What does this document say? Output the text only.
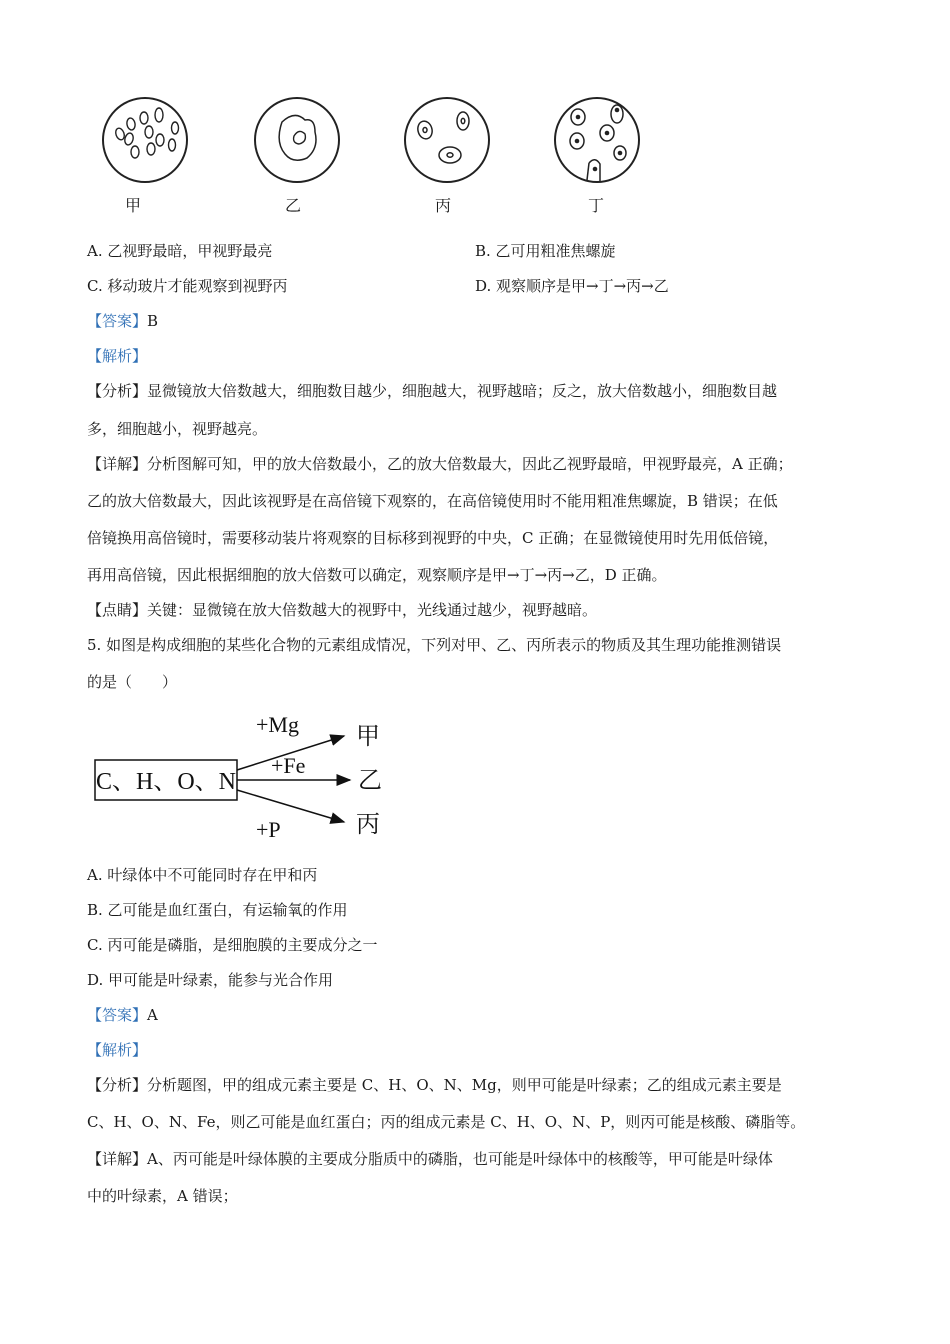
甲	乙	丙	丁
A. 乙视野最暗，甲视野最亮	B. 乙可用粗准焦螺旋
C. 移动玻片才能观察到视野丙	D. 观察顺序是甲→丁→丙→乙
【答案】B
【解析】
【分析】显微镜放大倍数越大，细胞数目越少，细胞越大，视野越暗；反之，放大倍数越小，细胞数目越
多，细胞越小，视野越亮。
【详解】分析图解可知，甲的放大倍数最小，乙的放大倍数最大，因此乙视野最暗，甲视野最亮，A 正确；
乙的放大倍数最大，因此该视野是在高倍镜下观察的，在高倍镜使用时不能用粗准焦螺旋，B 错误；在低
倍镜换用高倍镜时，需要移动装片将观察的目标移到视野的中央，C 正确；在显微镜使用时先用低倍镜，
再用高倍镜，因此根据细胞的放大倍数可以确定，观察顺序是甲→丁→丙→乙，D 正确。
【点睛】关键：显微镜在放大倍数越大的视野中，光线通过越少，视野越暗。
5. 如图是构成细胞的某些化合物的元素组成情况，下列对甲、乙、丙所表示的物质及其生理功能推测错误
的是（　　）
C、H、O、N
+Mg
+Fe
+P
甲
乙
丙
A. 叶绿体中不可能同时存在甲和丙
B. 乙可能是血红蛋白，有运输氧的作用
C. 丙可能是磷脂，是细胞膜的主要成分之一
D. 甲可能是叶绿素，能参与光合作用
【答案】A
【解析】
【分析】分析题图，甲的组成元素主要是 C、H、O、N、Mg，则甲可能是叶绿素；乙的组成元素主要是
C、H、O、N、Fe，则乙可能是血红蛋白；丙的组成元素是 C、H、O、N、P，则丙可能是核酸、磷脂等。
【详解】A、丙可能是叶绿体膜的主要成分脂质中的磷脂，也可能是叶绿体中的核酸等，甲可能是叶绿体
中的叶绿素，A 错误；
